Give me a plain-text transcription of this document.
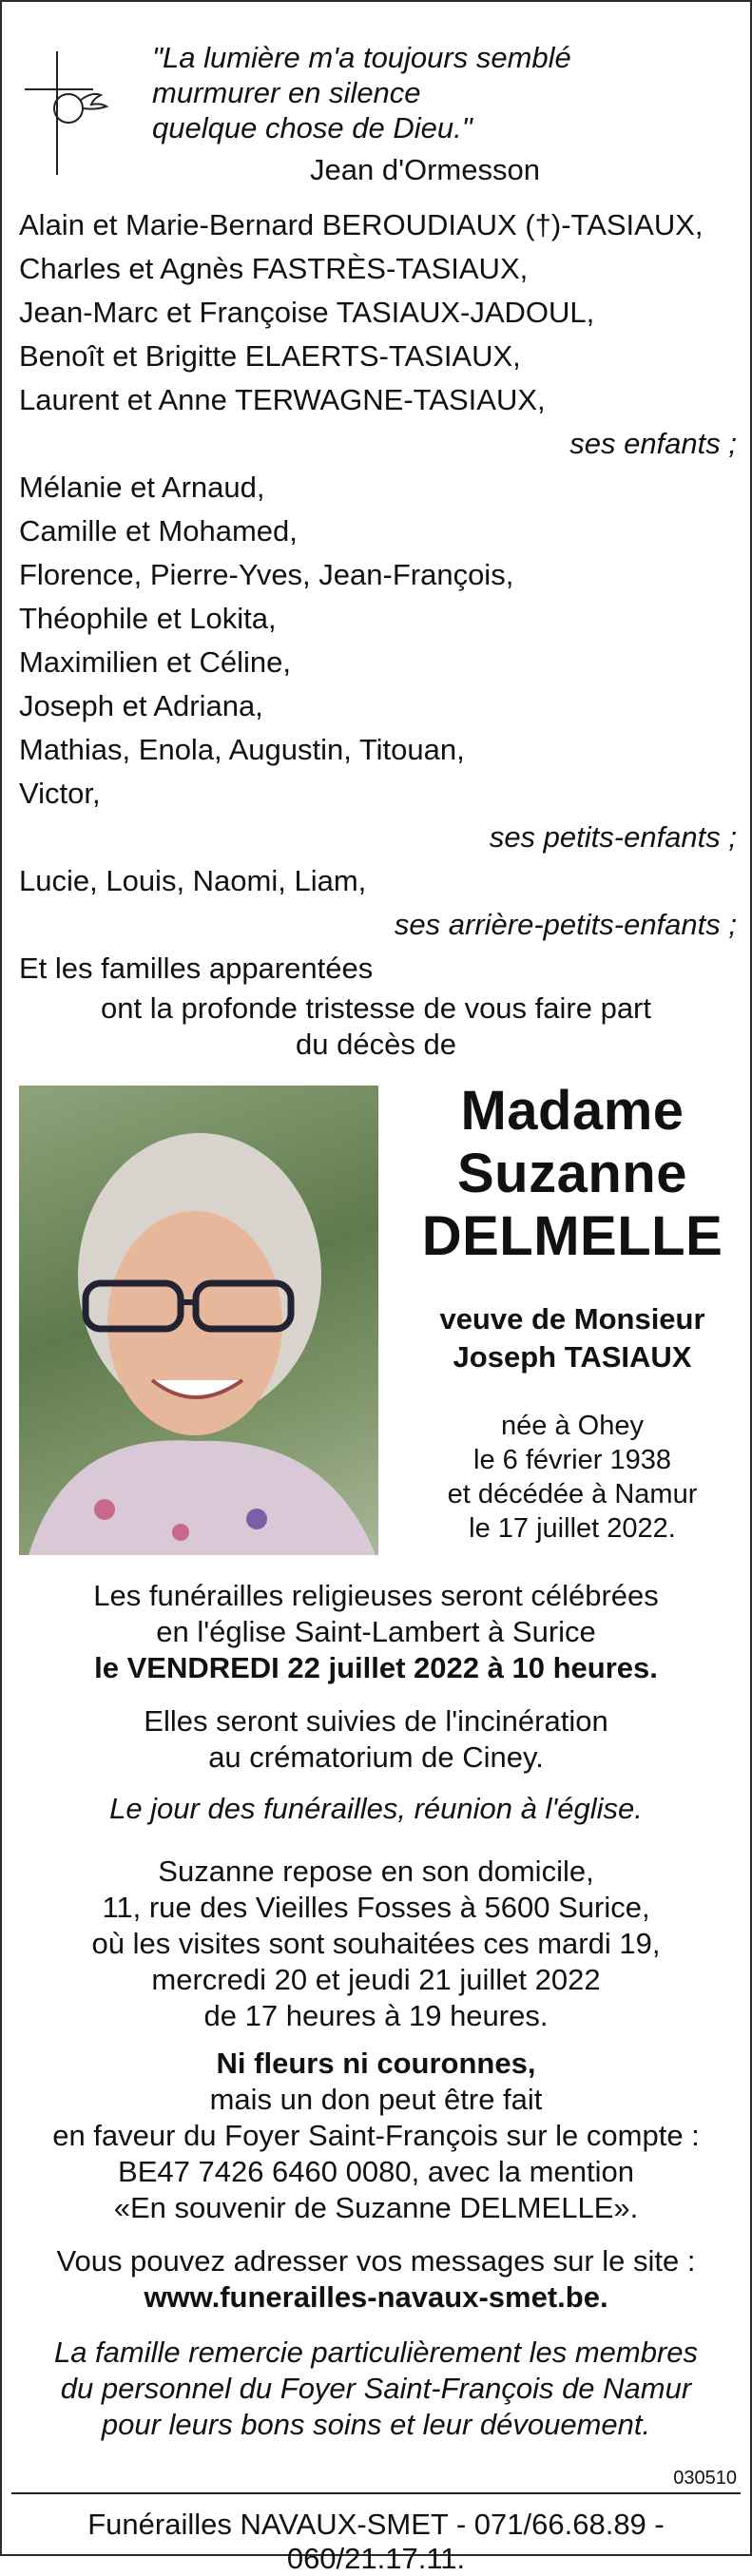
"La lumière m'a toujours semblé
murmurer en silence
quelque chose de Dieu."
Jean d'Ormesson
Alain et Marie-Bernard BEROUDIAUX (†)-TASIAUX,
Charles et Agnès FASTRÈS-TASIAUX,
Jean-Marc et Françoise TASIAUX-JADOUL,
Benoît et Brigitte ELAERTS-TASIAUX,
Laurent et Anne TERWAGNE-TASIAUX,
ses enfants ;
Mélanie et Arnaud,
Camille et Mohamed,
Florence, Pierre-Yves, Jean-François,
Théophile et Lokita,
Maximilien et Céline,
Joseph et Adriana,
Mathias, Enola, Augustin, Titouan,
Victor,
ses petits-enfants ;
Lucie, Louis, Naomi, Liam,
ses arrière-petits-enfants ;
Et les familles apparentées
ont la profonde tristesse de vous faire part
du décès de
Madame
Suzanne
DELMELLE
veuve de Monsieur
Joseph TASIAUX
née à Ohey
le 6 février 1938
et décédée à Namur
le 17 juillet 2022.
Les funérailles religieuses seront célébrées
en l'église Saint-Lambert à Surice
le VENDREDI 22 juillet 2022 à 10 heures.
Elles seront suivies de l'incinération
au crématorium de Ciney.
Le jour des funérailles, réunion à l'église.
Suzanne repose en son domicile,
11, rue des Vieilles Fosses à 5600 Surice,
où les visites sont souhaitées ces mardi 19,
mercredi 20 et jeudi 21 juillet 2022
de 17 heures à 19 heures.
Ni fleurs ni couronnes,
mais un don peut être fait
en faveur du Foyer Saint-François sur le compte :
BE47 7426 6460 0080, avec la mention
«En souvenir de Suzanne DELMELLE».
Vous pouvez adresser vos messages sur le site :
www.funerailles-navaux-smet.be.
La famille remercie particulièrement les membres
du personnel du Foyer Saint-François de Namur
pour leurs bons soins et leur dévouement.
030510
Funérailles NAVAUX-SMET - 071/66.68.89 - 060/21.17.11.
